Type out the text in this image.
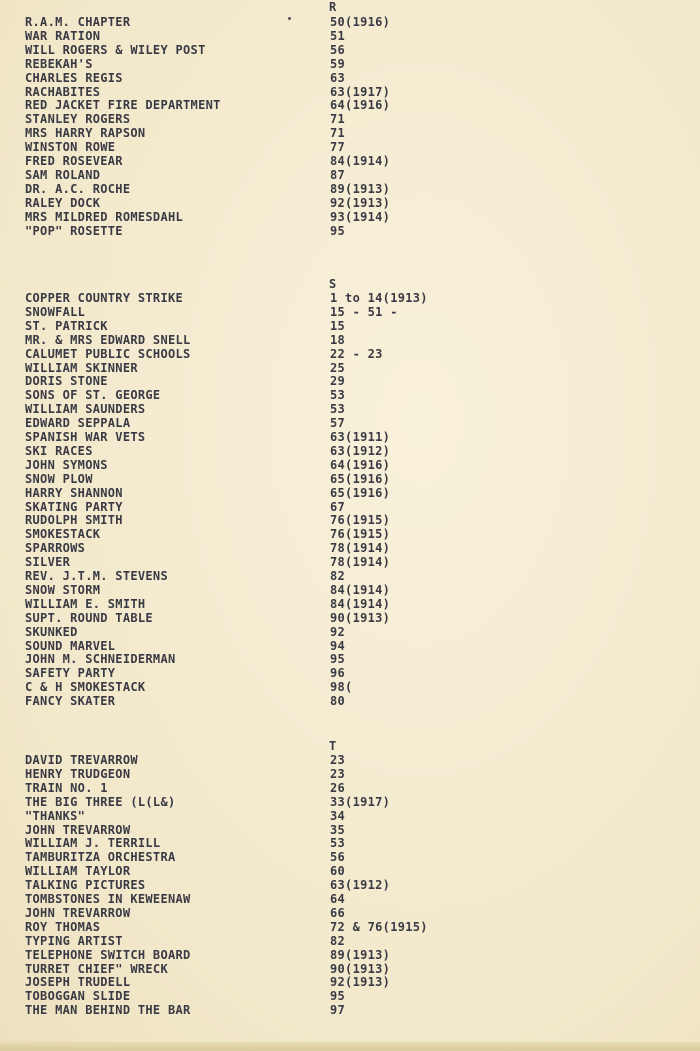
R
R.A.M. CHAPTER	50(1916)
WAR RATION	51
WILL ROGERS & WILEY POST	56
REBEKAH'S	59
CHARLES REGIS	63
RACHABITES	63(1917)
RED JACKET FIRE DEPARTMENT	64(1916)
STANLEY ROGERS	71
MRS HARRY RAPSON	71
WINSTON ROWE	77
FRED ROSEVEAR	84(1914)
SAM ROLAND	87
DR. A.C. ROCHE	89(1913)
RALEY DOCK	92(1913)
MRS MILDRED ROMESDAHL	93(1914)
"POP" ROSETTE	95
S
COPPER COUNTRY STRIKE	1 to 14(1913)
SNOWFALL	15 - 51 -
ST. PATRICK	15
MR. & MRS EDWARD SNELL	18
CALUMET PUBLIC SCHOOLS	22 - 23
WILLIAM SKINNER	25
DORIS STONE	29
SONS OF ST. GEORGE	53
WILLIAM SAUNDERS	53
EDWARD SEPPALA	57
SPANISH WAR VETS	63(1911)
SKI RACES	63(1912)
JOHN SYMONS	64(1916)
SNOW PLOW	65(1916)
HARRY SHANNON	65(1916)
SKATING PARTY	67
RUDOLPH SMITH	76(1915)
SMOKESTACK	76(1915)
SPARROWS	78(1914)
SILVER	78(1914)
REV. J.T.M. STEVENS	82
SNOW STORM	84(1914)
WILLIAM E. SMITH	84(1914)
SUPT. ROUND TABLE	90(1913)
SKUNKED	92
SOUND MARVEL	94
JOHN M. SCHNEIDERMAN	95
SAFETY PARTY	96
C & H SMOKESTACK	98(
FANCY SKATER	80
T
DAVID TREVARROW	23
HENRY TRUDGEON	23
TRAIN NO. 1	26
THE BIG THREE (L(L&)	33(1917)
"THANKS"	34
JOHN TREVARROW	35
WILLIAM J. TERRILL	53
TAMBURITZA ORCHESTRA	56
WILLIAM TAYLOR	60
TALKING PICTURES	63(1912)
TOMBSTONES IN KEWEENAW	64
JOHN TREVARROW	66
ROY THOMAS	72 & 76(1915)
TYPING ARTIST	82
TELEPHONE SWITCH BOARD	89(1913)
TURRET CHIEF" WRECK	90(1913)
JOSEPH TRUDELL	92(1913)
TOBOGGAN SLIDE	95
THE MAN BEHIND THE BAR	97
